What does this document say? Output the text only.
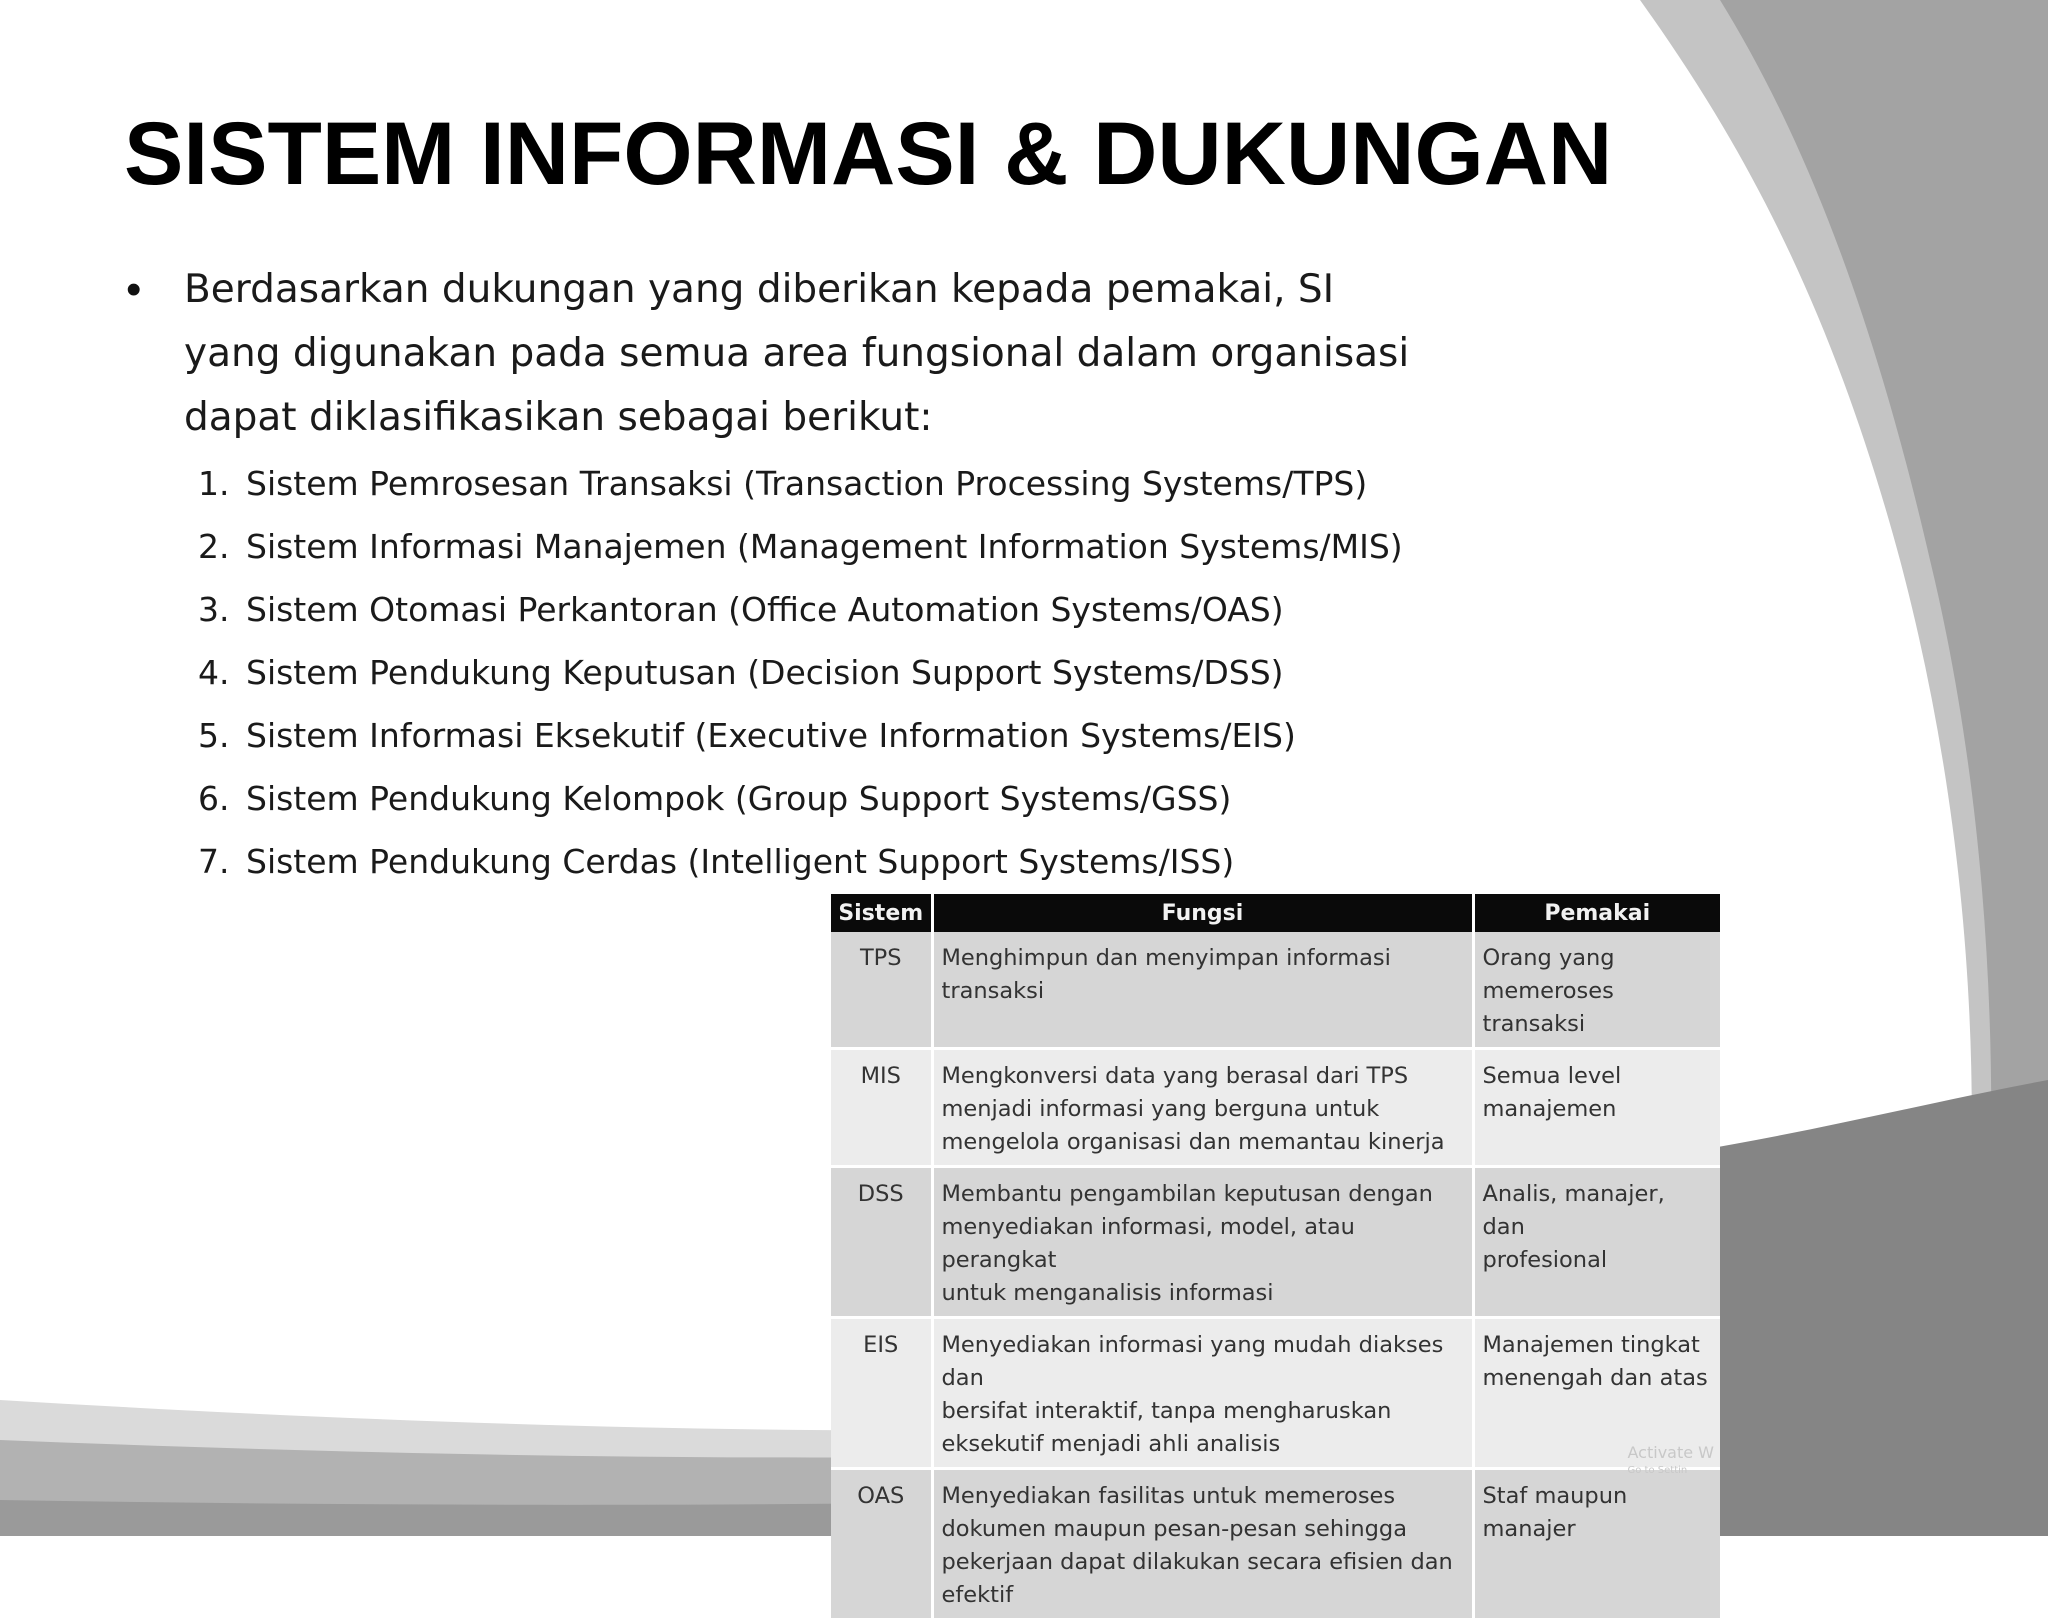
SISTEM INFORMASI & DUKUNGAN
• Berdasarkan dukungan yang diberikan kepada pemakai, SI
yang digunakan pada semua area fungsional dalam organisasi
dapat diklasifikasikan sebagai berikut:

1. Sistem Pemrosesan Transaksi (Transaction Processing Systems/TPS)
2. Sistem Informasi Manajemen (Management Information Systems/MIS)
3. Sistem Otomasi Perkantoran (Office Automation Systems/OAS)
4. Sistem Pendukung Keputusan (Decision Support Systems/DSS)
5. Sistem Informasi Eksekutif (Executive Information Systems/EIS)
6. Sistem Pendukung Kelompok (Group Support Systems/GSS)
7. Sistem Pendukung Cerdas (Intelligent Support Systems/ISS)
Sistem	Fungsi	Pemakai
TPS	Menghimpun dan menyimpan informasi
transaksi	Orang yang
memeroses transaksi
MIS	Mengkonversi data yang berasal dari TPS
menjadi informasi yang berguna untuk
mengelola organisasi dan memantau kinerja	Semua level
manajemen
DSS	Membantu pengambilan keputusan dengan
menyediakan informasi, model, atau perangkat
untuk menganalisis informasi	Analis, manajer, dan
profesional
EIS	Menyediakan informasi yang mudah diakses dan
bersifat interaktif, tanpa mengharuskan
eksekutif menjadi ahli analisis	Manajemen tingkat
menengah dan atas
OAS	Menyediakan fasilitas untuk memeroses
dokumen maupun pesan-pesan sehingga
pekerjaan dapat dilakukan secara efisien dan
efektif	Staf maupun manajer
Activate W
Go to Settin
